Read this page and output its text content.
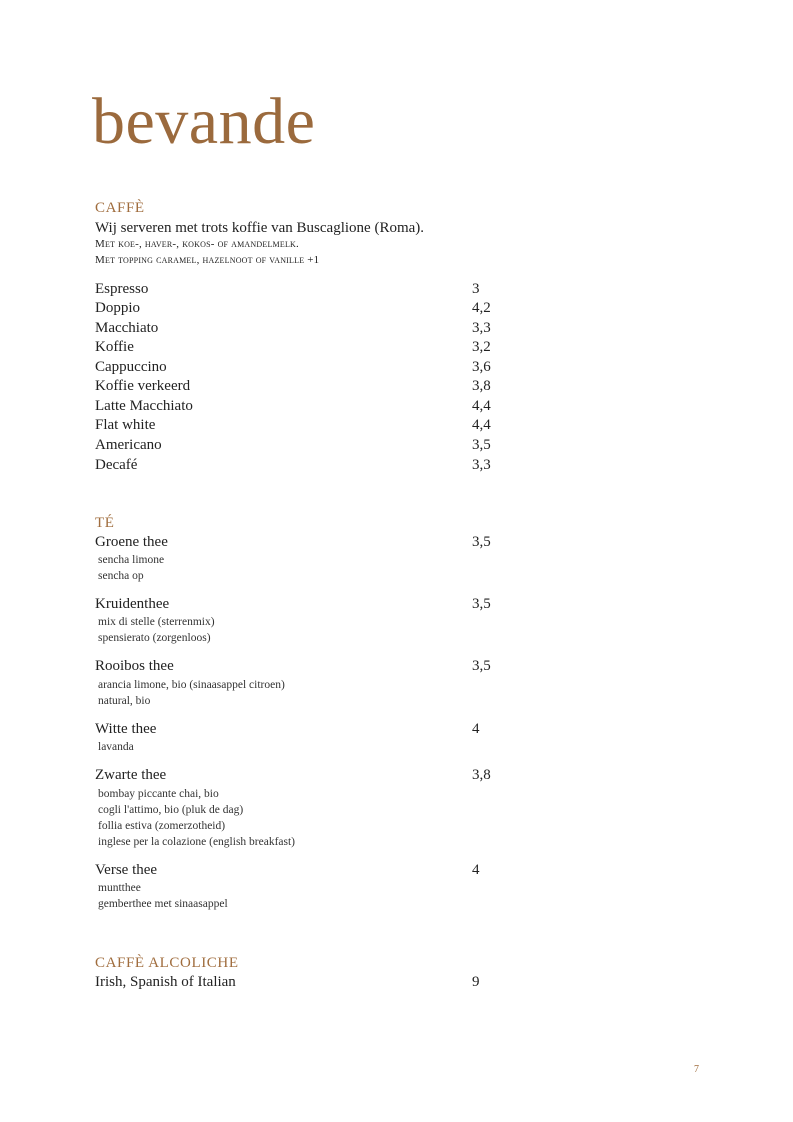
bevande
CAFFÈ
Wij serveren met trots koffie van Buscaglione (Roma).
Met koe-, haver-, kokos- of amandelmelk.
Met topping caramel, hazelnoot of vanille +1
Espresso	3
Doppio	4,2
Macchiato	3,3
Koffie	3,2
Cappuccino	3,6
Koffie verkeerd	3,8
Latte Macchiato	4,4
Flat white	4,4
Americano	3,5
Decafé	3,3
TÉ
Groene thee	3,5
sencha limone
sencha op
Kruidenthee	3,5
mix di stelle (sterrenmix)
spensierato (zorgenloos)
Rooibos thee	3,5
arancia limone, bio (sinaasappel citroen)
natural, bio
Witte thee	4
lavanda
Zwarte thee	3,8
bombay piccante chai, bio
cogli l'attimo, bio (pluk de dag)
follia estiva (zomerzotheid)
inglese per la colazione (english breakfast)
Verse thee	4
muntthee
gemberthee met sinaasappel
CAFFÈ ALCOLICHE
Irish, Spanish of Italian	9
7
